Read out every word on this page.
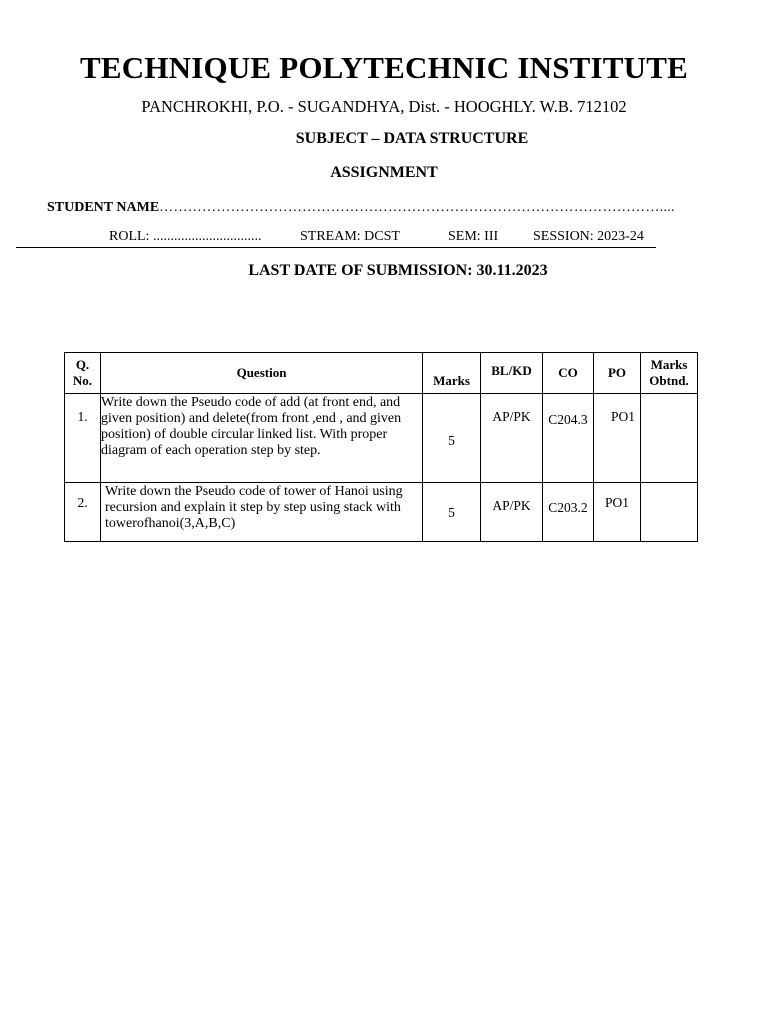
TECHNIQUE POLYTECHNIC INSTITUTE
PANCHROKHI, P.O. - SUGANDHYA, Dist. - HOOGHLY. W.B. 712102
SUBJECT – DATA STRUCTURE
ASSIGNMENT
STUDENT NAME……………………………………………………………………………………………....
ROLL: ...............................	STREAM: DCST	SEM: III SESSION: 2023-24
LAST DATE OF SUBMISSION: 30.11.2023
Q. No.	Question	Marks	BL/KD	CO	PO	Marks Obtnd.
1.	Write down the Pseudo code of add (at front end, and given position) and delete(from front ,end , and given position) of double circular linked list. With proper diagram of each operation step by step.	5	AP/PK	C204.3	PO1	
2.	Write down the Pseudo code of tower of Hanoi using recursion and explain it step by step using stack with towerofhanoi(3,A,B,C)	5	AP/PK	C203.2	PO1	
